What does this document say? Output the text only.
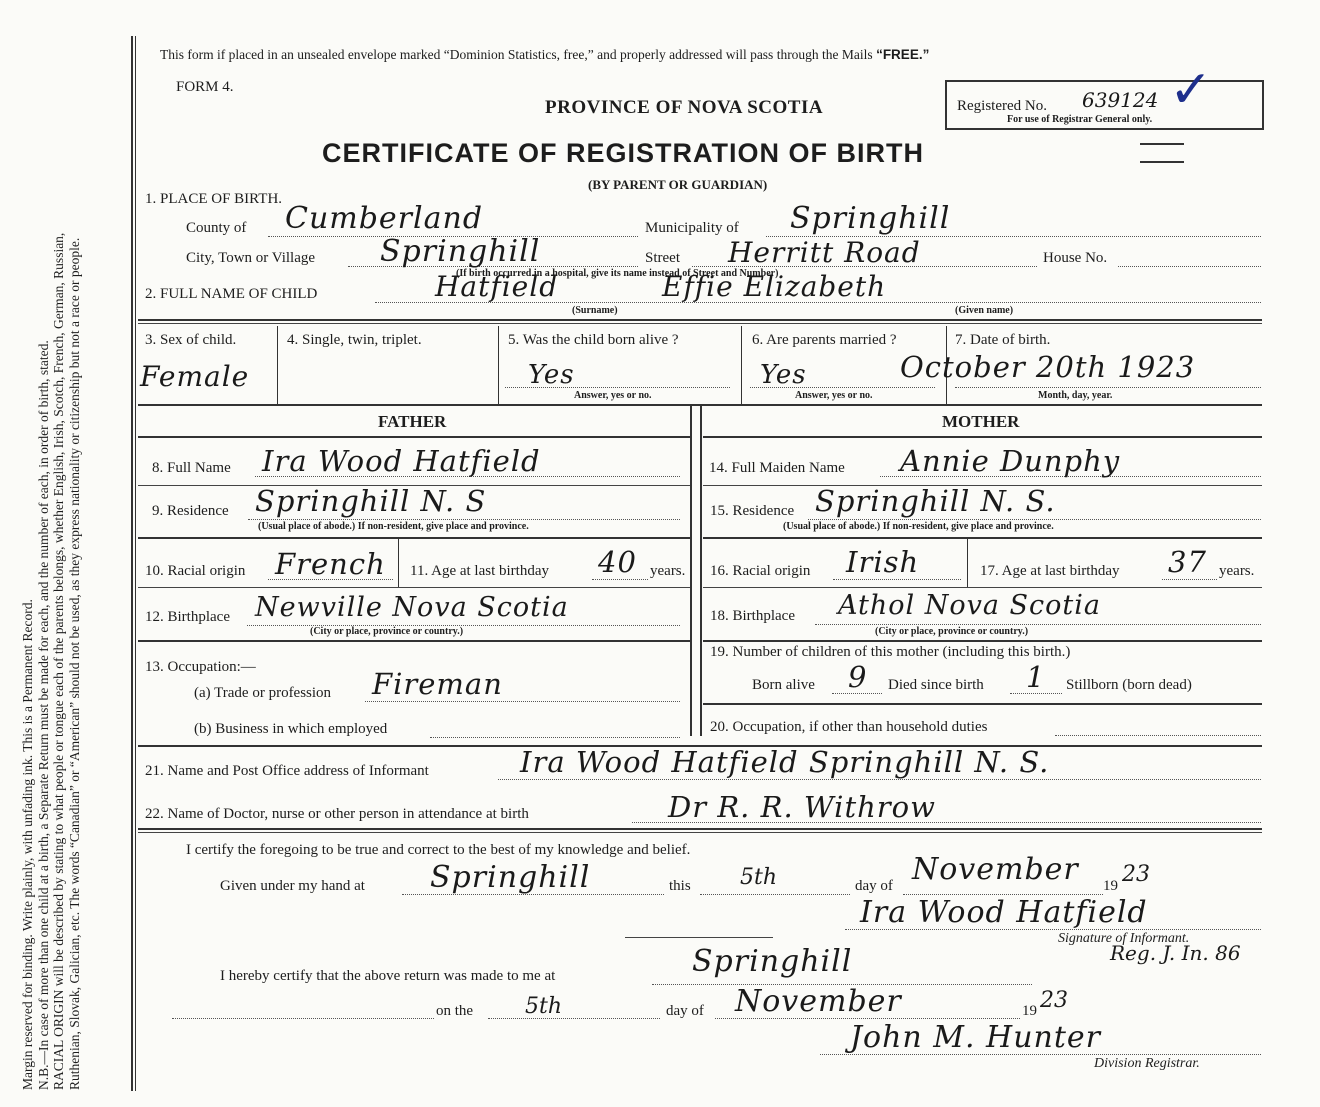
Margin reserved for binding. Write plainly, with unfading ink. This is a Permanent Record. N.B.—In case of more than one child at a birth, a Separate Return must be made for each, and the number of each, in order of birth, stated. RACIAL ORIGIN will be described by stating to what people or tongue each of the parents belongs, whether English, Irish, Scotch, French, German, Russian, Ruthenian, Slovak, Galician, etc. The words “Canadian” or “American” should not be used, as they express nationality or citizenship but not a race or people.
This form if placed in an unsealed envelope marked “Dominion Statistics, free,” and properly addressed will pass through the Mails “FREE.”
FORM 4.
PROVINCE OF NOVA SCOTIA	Registered No. 639124 ✓
For use of Registrar General only.
CERTIFICATE OF REGISTRATION OF BIRTH
(BY PARENT OR GUARDIAN)
1. PLACE OF BIRTH.
County of Cumberland	Municipality of Springhill
City, Town or Village Springhill	Street Herritt Road	House No.
(If birth occurred in a hospital, give its name instead of Street and Number)
2. FULL NAME OF CHILD	Hatfield	Effie Elizabeth
(Surname)	(Given name)
3. Sex of child.
Female
4. Single, twin, triplet.	5. Was the child born alive ?
Yes
Answer, yes or no.
6. Are parents married ?
Yes
Answer, yes or no.
7. Date of birth.
October 20th 1923
Month, day, year.
FATHER	MOTHER
8. Full Name Ira Wood Hatfield
9. Residence Springhill N. S
(Usual place of abode.) If non-resident, give place and province.
10. Racial origin French 11. Age at last birthday 40 years.
12. Birthplace Newville Nova Scotia
(City or place, province or country.)
13. Occupation:—
(a) Trade or profession Fireman
(b) Business in which employed
14. Full Maiden Name Annie Dunphy
15. Residence Springhill N. S.
(Usual place of abode.) If non-resident, give place and province.
16. Racial origin Irish	17. Age at last birthday 37 years.
18. Birthplace Athol Nova Scotia
(City or place, province or country.)
19. Number of children of this mother (including this birth.)
Born alive 9 Died since birth 1 Stillborn (born dead)
20. Occupation, if other than household duties
21. Name and Post Office address of Informant	Ira Wood Hatfield Springhill N. S.
22. Name of Doctor, nurse or other person in attendance at birth	Dr R. R. Withrow
I certify the foregoing to be true and correct to the best of my knowledge and belief.
Given under my hand at Springhill	this 5th	day of November 19 23
Ira Wood Hatfield
Signature of Informant.
Reg. J. In. 86
I hereby certify that the above return was made to me at	Springhill
on the 5th	day of November	19 23
John M. Hunter
Division Registrar.
